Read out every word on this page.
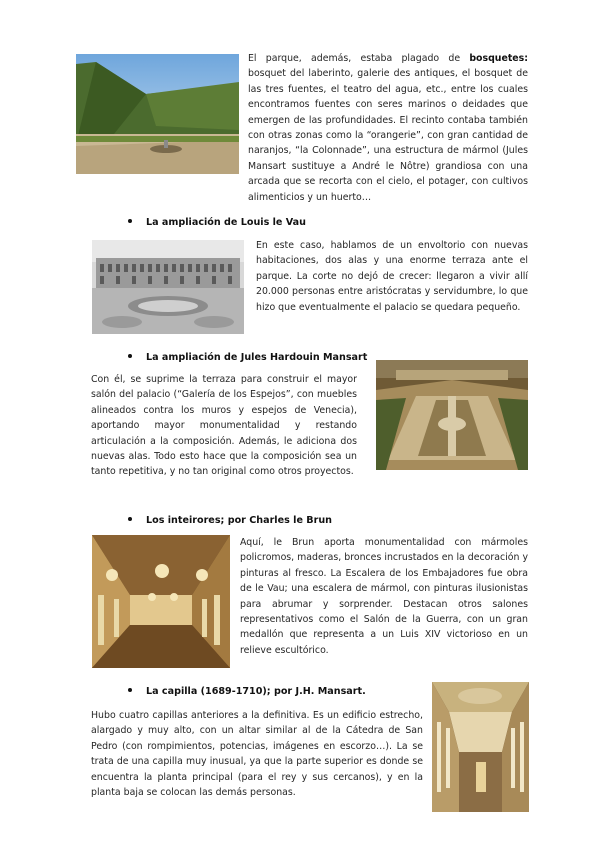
El parque, además, estaba plagado de bosquetes: bosquet del laberinto, galerie des antiques, el bosquet de las tres fuentes, el teatro del agua, etc., entre los cuales encontramos fuentes con seres marinos o deidades que emergen de las profundidades. El recinto contaba también con otras zonas como la “orangerie”, con gran cantidad de naranjos, “la Colonnade”, una estructura de mármol (Jules Mansart sustituye a André le Nôtre) grandiosa con una arcada que se recorta con el cielo, el potager, con cultivos alimenticios y un huerto…
La ampliación de Louis le Vau
En este caso, hablamos de un envoltorio con nuevas habitaciones, dos alas y una enorme terraza ante el parque. La corte no dejó de crecer: llegaron a vivir allí 20.000 personas entre aristócratas y servidumbre, lo que hizo que eventualmente el palacio se quedara pequeño.
La ampliación de Jules Hardouin Mansart
Con él, se suprime la terraza para construir el mayor salón del palacio (“Galería de los Espejos”, con muebles alineados contra los muros y espejos de Venecia), aportando mayor monumentalidad y restando articulación a la composición. Además, le adiciona dos nuevas alas. Todo esto hace que la composición sea un tanto repetitiva, y no tan original como otros proyectos.
Los inteirores; por Charles le Brun
Aquí, le Brun aporta monumentalidad con mármoles policromos, maderas, bronces incrustados en la decoración y pinturas al fresco. La Escalera de los Embajadores fue obra de le Vau; una escalera de mármol, con pinturas ilusionistas para abrumar y sorprender. Destacan otros salones representativos como el Salón de la Guerra, con un gran medallón que representa a un Luis XIV victorioso en un relieve escultórico.
La capilla (1689-1710); por J.H. Mansart.
Hubo cuatro capillas anteriores a la definitiva. Es un edificio estrecho, alargado y muy alto, con un altar similar al de la Cátedra de San Pedro (con rompimientos, potencias, imágenes en escorzo…). La se trata de una capilla muy inusual, ya que la parte superior es donde se encuentra la planta principal (para el rey y sus cercanos), y en la planta baja se colocan las demás personas.
